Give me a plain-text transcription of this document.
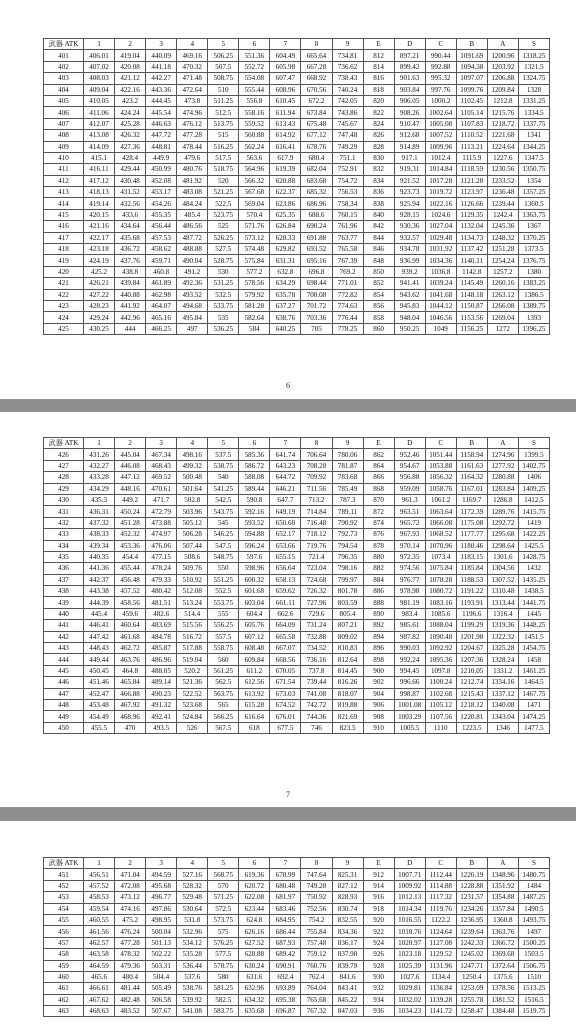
武器 ATK	1	2	3	4	5	6	7	8	9	E	D	C	B	A	S
401	406.01	419.04	440.09	469.16	506.25	551.36	604.49	665.64	734.81	812	897.21	990.44	1091.69	1200.96	1318.25
402	407.02	420.08	441.18	470.32	507.5	552.72	605.98	667.28	736.62	814	899.42	992.88	1094.38	1203.92	1321.5
403	408.03	421.12	442.27	471.48	508.75	554.08	607.47	668.92	738.43	816	901.63	995.32	1097.07	1206.88	1324.75
404	409.04	422.16	443.36	472.64	510	555.44	608.96	670.56	740.24	818	903.84	997.76	1099.76	1209.84	1328
405	410.05	423.2	444.45	473.8	511.25	556.8	610.45	672.2	742.05	820	906.05	1000.2	1102.45	1212.8	1331.25
406	411.06	424.24	445.54	474.96	512.5	558.16	611.94	673.84	743.86	822	908.26	1002.64	1105.14	1215.76	1334.5
407	412.07	425.28	446.63	476.12	513.75	559.52	613.43	675.48	745.67	824	910.47	1005.08	1107.83	1218.72	1337.75
408	413.08	426.32	447.72	477.28	515	560.88	614.92	677.12	747.48	826	912.68	1007.52	1110.52	1221.68	1341
409	414.09	427.36	448.81	478.44	516.25	562.24	616.41	678.76	749.29	828	914.89	1009.96	1113.21	1224.64	1344.25
410	415.1	428.4	449.9	479.6	517.5	563.6	617.9	680.4	751.1	830	917.1	1012.4	1115.9	1227.6	1347.5
411	416.11	429.44	450.99	480.76	518.75	564.96	619.39	682.04	752.91	832	919.31	1014.84	1118.59	1230.56	1350.75
412	417.12	430.48	452.08	481.92	520	566.32	620.88	683.68	754.72	834	921.52	1017.28	1121.28	1233.52	1354
413	418.13	431.52	453.17	483.08	521.25	567.68	622.37	685.32	756.53	836	923.73	1019.72	1123.97	1236.48	1357.25
414	419.14	432.56	454.26	484.24	522.5	569.04	623.86	686.96	758.34	838	925.94	1022.16	1126.66	1239.44	1360.5
415	420.15	433.6	455.35	485.4	523.75	570.4	625.35	688.6	760.15	840	928.15	1024.6	1129.35	1242.4	1363.75
416	421.16	434.64	456.44	486.56	525	571.76	626.84	690.24	761.96	842	930.36	1027.04	1132.04	1245.36	1367
417	422.17	435.68	457.53	487.72	526.25	573.12	628.33	691.88	763.77	844	932.57	1029.48	1134.73	1248.32	1370.25
418	423.18	436.72	458.62	488.88	527.5	574.48	629.82	693.52	765.58	846	934.78	1031.92	1137.42	1251.28	1373.5
419	424.19	437.76	459.71	490.04	528.75	575.84	631.31	695.16	767.39	848	936.99	1034.36	1140.11	1254.24	1376.75
420	425.2	438.8	460.8	491.2	530	577.2	632.8	696.8	769.2	850	939.2	1036.8	1142.8	1257.2	1380
421	426.21	439.84	461.89	492.36	531.25	578.56	634.29	698.44	771.01	852	941.41	1039.24	1145.49	1260.16	1383.25
422	427.22	440.88	462.98	493.52	532.5	579.92	635.78	700.08	772.82	854	943.62	1041.68	1148.18	1263.12	1386.5
423	428.23	441.92	464.07	494.68	533.75	581.28	637.27	701.72	774.63	856	945.83	1044.12	1150.87	1266.08	1389.75
424	429.24	442.96	465.16	495.84	535	582.64	638.76	703.36	776.44	858	948.04	1046.56	1153.56	1269.04	1393
425	430.25	444	466.25	497	536.25	584	640.25	705	778.25	860	950.25	1049	1156.25	1272	1396.25
6
武器 ATK	1	2	3	4	5	6	7	8	9	E	D	C	B	A	S
426	431.26	445.04	467.34	498.16	537.5	585.36	641.74	706.64	780.06	862	952.46	1051.44	1158.94	1274.96	1399.5
427	432.27	446.08	468.43	499.32	538.75	586.72	643.23	708.28	781.87	864	954.67	1053.88	1161.63	1277.92	1402.75
428	433.28	447.12	469.52	500.48	540	588.08	644.72	709.92	783.68	866	956.88	1056.32	1164.32	1280.88	1406
429	434.29	448.16	470.61	501.64	541.25	589.44	646.21	711.56	785.49	868	959.09	1058.76	1167.01	1283.84	1409.25
430	435.3	449.2	471.7	502.8	542.5	590.8	647.7	713.2	787.3	870	961.3	1061.2	1169.7	1286.8	1412.5
431	436.31	450.24	472.79	503.96	543.75	592.16	649.19	714.84	789.11	872	963.51	1063.64	1172.39	1289.76	1415.75
432	437.32	451.28	473.88	505.12	545	593.52	650.68	716.48	790.92	874	965.72	1066.08	1175.08	1292.72	1419
433	438.33	452.32	474.97	506.28	546.25	594.88	652.17	718.12	792.73	876	967.93	1068.52	1177.77	1295.68	1422.25
434	439.34	453.36	476.06	507.44	547.5	596.24	653.66	719.76	794.54	878	970.14	1070.96	1180.46	1298.64	1425.5
435	440.35	454.4	477.15	508.6	548.75	597.6	655.15	721.4	796.35	880	972.35	1073.4	1183.15	1301.6	1428.75
436	441.36	455.44	478.24	509.76	550	598.96	656.64	723.04	798.16	882	974.56	1075.84	1185.84	1304.56	1432
437	442.37	456.48	479.33	510.92	551.25	600.32	658.13	724.68	799.97	884	976.77	1078.28	1188.53	1307.52	1435.25
438	443.38	457.52	480.42	512.08	552.5	601.68	659.62	726.32	801.78	886	978.98	1080.72	1191.22	1310.48	1438.5
439	444.39	458.56	481.51	513.24	553.75	603.04	661.11	727.96	803.59	888	981.19	1083.16	1193.91	1313.44	1441.75
440	445.4	459.6	482.6	514.4	555	604.4	662.6	729.6	805.4	890	983.4	1085.6	1196.6	1316.4	1445
441	446.41	460.64	483.69	515.56	556.25	605.76	664.09	731.24	807.21	892	985.61	1088.04	1199.29	1319.36	1448.25
442	447.42	461.68	484.78	516.72	557.5	607.12	665.58	732.88	809.02	894	987.82	1090.48	1201.98	1322.32	1451.5
443	448.43	462.72	485.87	517.88	558.75	608.48	667.07	734.52	810.83	896	990.03	1092.92	1204.67	1325.28	1454.75
444	449.44	463.76	486.96	519.04	560	609.84	668.56	736.16	812.64	898	992.24	1095.36	1207.36	1328.24	1458
445	450.45	464.8	488.05	520.2	561.25	611.2	670.05	737.8	814.45	900	994.45	1097.8	1210.05	1331.2	1461.25
446	451.46	465.84	489.14	521.36	562.5	612.56	671.54	739.44	816.26	902	996.66	1100.24	1212.74	1334.16	1464.5
447	452.47	466.88	490.23	522.52	563.75	613.92	673.03	741.08	818.07	904	998.87	1102.68	1215.43	1337.12	1467.75
448	453.48	467.92	491.32	523.68	565	615.28	674.52	742.72	819.88	906	1001.08	1105.12	1218.12	1340.08	1471
449	454.49	468.96	492.41	524.84	566.25	616.64	676.01	744.36	821.69	908	1003.29	1107.56	1220.81	1343.04	1474.25
450	455.5	470	493.5	526	567.5	618	677.5	746	823.5	910	1005.5	1110	1223.5	1346	1477.5
7
武器 ATK	1	2	3	4	5	6	7	8	9	E	D	C	B	A	S
451	456.51	471.04	494.59	527.16	568.75	619.36	678.99	747.64	825.31	912	1007.71	1112.44	1226.19	1348.96	1480.75
452	457.52	472.08	495.68	528.32	570	620.72	680.48	749.28	827.12	914	1009.92	1114.88	1228.88	1351.92	1484
453	458.53	473.12	496.77	529.48	571.25	622.08	681.97	750.92	828.93	916	1012.13	1117.32	1231.57	1354.88	1487.25
454	459.54	474.16	497.86	530.64	572.5	623.44	683.46	752.56	830.74	918	1014.34	1119.76	1234.26	1357.84	1490.5
455	460.55	475.2	498.95	531.8	573.75	624.8	684.95	754.2	832.55	920	1016.55	1122.2	1236.95	1360.8	1493.75
456	461.56	476.24	500.04	532.96	575	626.16	686.44	755.84	834.36	922	1018.76	1124.64	1239.64	1363.76	1497
457	462.57	477.28	501.13	534.12	576.25	627.52	687.93	757.48	836.17	924	1020.97	1127.08	1242.33	1366.72	1500.25
458	463.58	478.32	502.22	535.28	577.5	628.88	689.42	759.12	837.98	926	1023.18	1129.52	1245.02	1369.68	1503.5
459	464.59	479.36	503.31	536.44	578.75	630.24	690.91	760.76	839.79	928	1025.39	1131.96	1247.71	1372.64	1506.75
460	465.6	480.4	504.4	537.6	580	631.6	692.4	762.4	841.6	930	1027.6	1134.4	1250.4	1375.6	1510
461	466.61	481.44	505.49	538.76	581.25	632.96	693.89	764.04	843.41	932	1029.81	1136.84	1253.09	1378.56	1513.25
462	467.62	482.48	506.58	539.92	582.5	634.32	695.38	765.68	845.22	934	1032.02	1139.28	1255.78	1381.52	1516.5
463	468.63	483.52	507.67	541.08	583.75	635.68	696.87	767.32	847.03	936	1034.23	1141.72	1258.47	1384.48	1519.75
